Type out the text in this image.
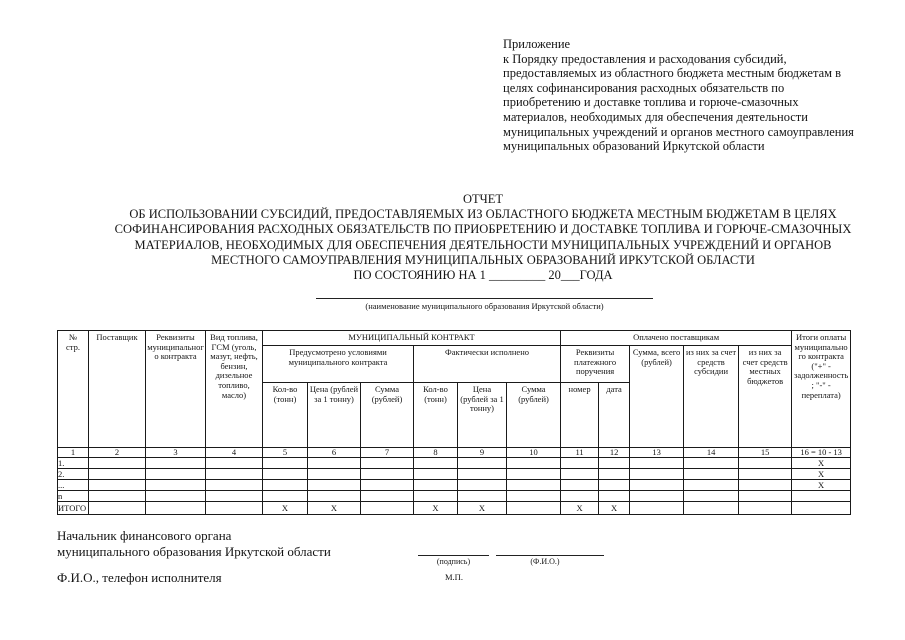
Приложение
к Порядку предоставления и расходования субсидий,
предоставляемых из областного бюджета местным бюджетам в
целях софинансирования расходных обязательств по
приобретению и доставке топлива и горюче-смазочных
материалов, необходимых для обеспечения деятельности
муниципальных учреждений и органов местного самоуправления
муниципальных образований Иркутской области
ОТЧЕТ
ОБ ИСПОЛЬЗОВАНИИ СУБСИДИЙ, ПРЕДОСТАВЛЯЕМЫХ ИЗ ОБЛАСТНОГО БЮДЖЕТА МЕСТНЫМ БЮДЖЕТАМ В ЦЕЛЯХ
СОФИНАНСИРОВАНИЯ РАСХОДНЫХ ОБЯЗАТЕЛЬСТВ ПО ПРИОБРЕТЕНИЮ И ДОСТАВКЕ ТОПЛИВА И ГОРЮЧЕ-СМАЗОЧНЫХ
МАТЕРИАЛОВ, НЕОБХОДИМЫХ ДЛЯ ОБЕСПЕЧЕНИЯ ДЕЯТЕЛЬНОСТИ МУНИЦИПАЛЬНЫХ УЧРЕЖДЕНИЙ И ОРГАНОВ
МЕСТНОГО САМОУПРАВЛЕНИЯ МУНИЦИПАЛЬНЫХ ОБРАЗОВАНИЙ ИРКУТСКОЙ ОБЛАСТИ
ПО СОСТОЯНИЮ НА 1 _________ 20___ГОДА
(наименование муниципального образования Иркутской области)
№
стр.	Поставщик	Реквизиты муниципального контракта	Вид топлива, ГСМ (уголь, мазут, нефть, бензин, дизельное топливо, масло)	МУНИЦИПАЛЬНЫЙ КОНТРАКТ						Оплачено поставщикам					Итоги оплаты муниципального контракта ("+" - задолженность; "-" - переплата)
				Предусмотрено условиями муниципального контракта			Фактически исполнено			Реквизиты платежного поручения		Сумма, всего (рублей)	из них за счет средств субсидии	из них за счет средств местных бюджетов	
				Кол-во (тонн)	Цена (рублей за 1 тонну)	Сумма (рублей)	Кол-во (тонн)	Цена (рублей за 1 тонну)	Сумма (рублей)	номер	дата				
1	2	3	4	5	6	7	8	9	10	11	12	13	14	15	16 = 10 - 13
1.															X
2.															X
...															X
n															
ИТОГО				X	X		X	X		X	X				
Начальник финансового органа
муниципального образования Иркутской области
(подпись)	(Ф.И.О.)
Ф.И.О., телефон исполнителя	М.П.
